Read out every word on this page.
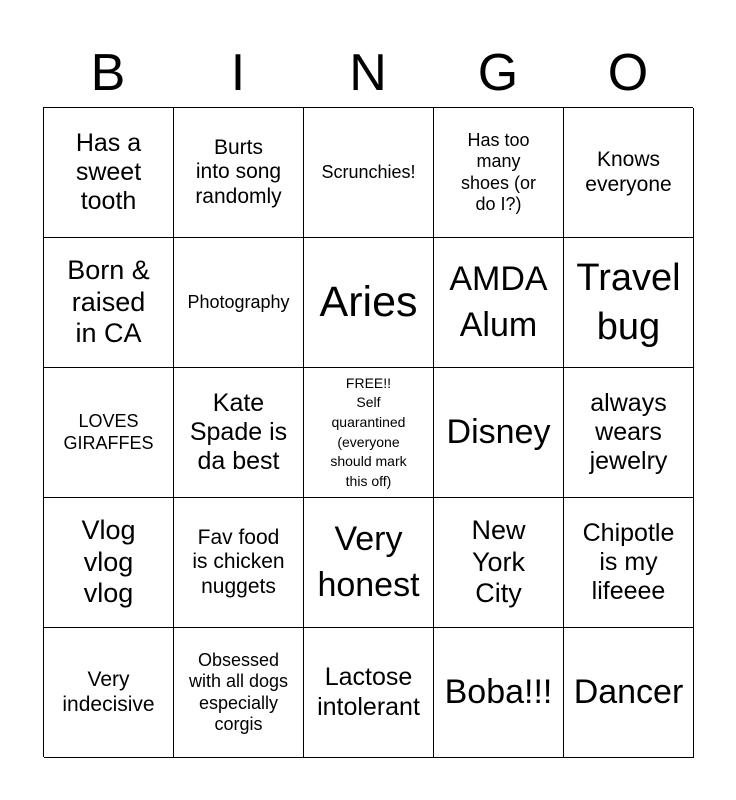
B	I	N	G	O
Has a
sweet
tooth
Burts
into song
randomly
Scrunchies!
Has too
many
shoes (or
do I?)
Knows
everyone
Born &
raised
in CA
Photography Aries AMDA
Alum
Travel
bug
LOVES
GIRAFFES
Kate
Spade is
da best
FREE!!
Self
quarantined
(everyone
should mark
this off)
Disney
always
wears
jewelry
Vlog
vlog
vlog
Fav food
is chicken
nuggets
Very
honest
New
York
City
Chipotle
is my
lifeeee
Very
indecisive
Obsessed
with all dogs
especially
corgis
Lactose
intolerant Boba!!! Dancer
